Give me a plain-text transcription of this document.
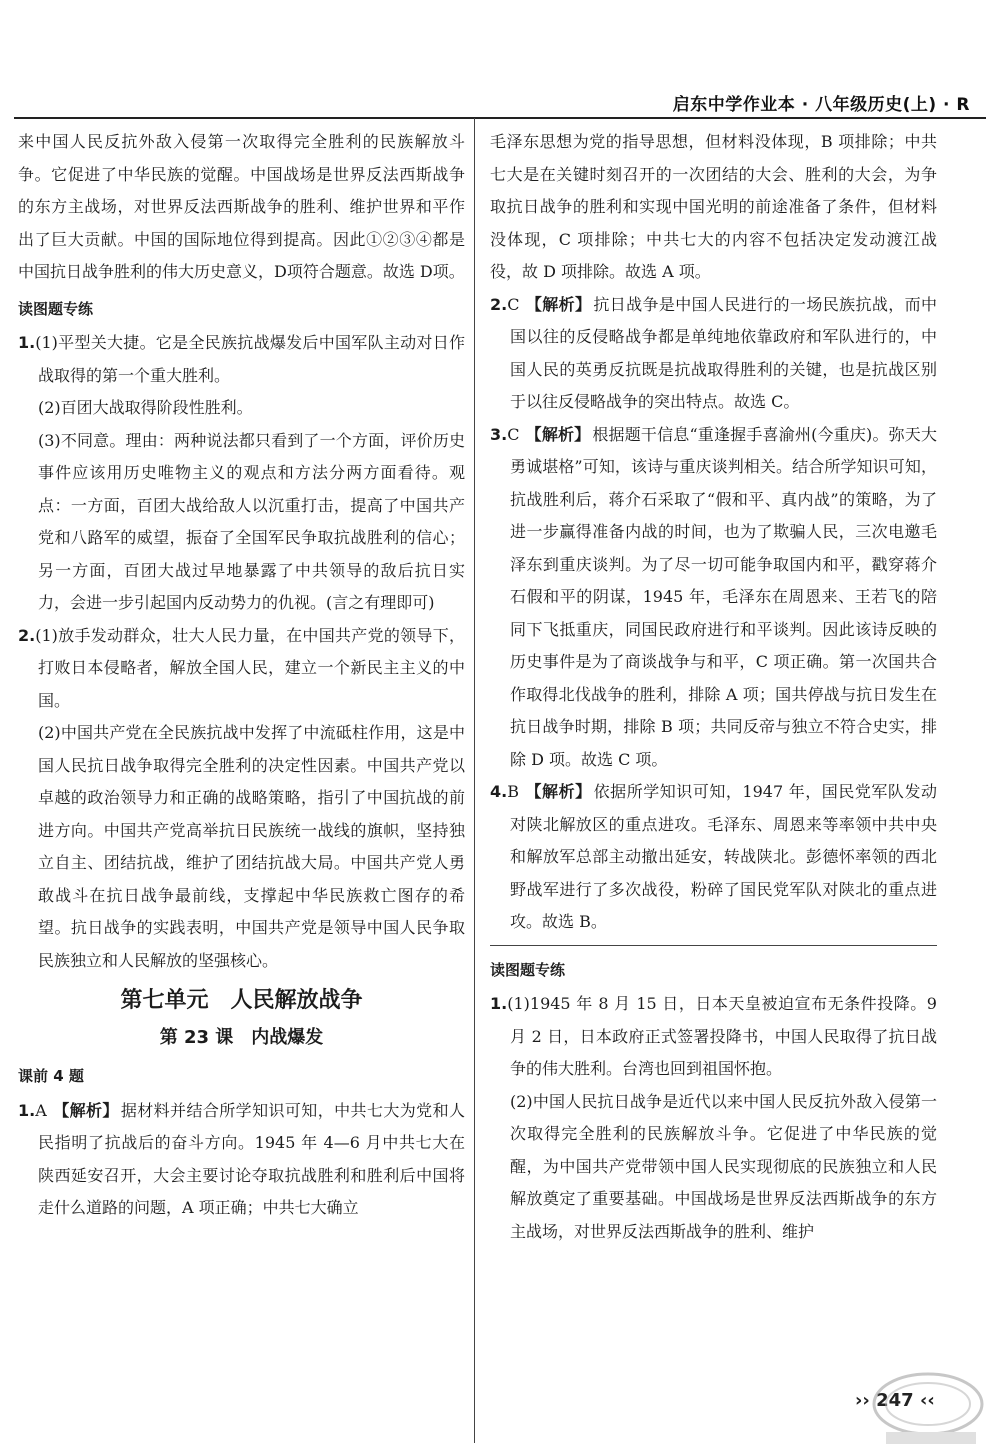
启东中学作业本 · 八年级历史(上) · R

来中国人民反抗外敌入侵第一次取得完全胜利的民族解放斗争。它促进了中华民族的觉醒。中国战场是世界反法西斯战争的东方主战场，对世界反法西斯战争的胜利、维护世界和平作出了巨大贡献。中国的国际地位得到提高。因此①②③④都是中国抗日战争胜利的伟大历史意义，D项符合题意。故选 D项。

读图题专练

1.(1)平型关大捷。它是全民族抗战爆发后中国军队主动对日作战取得的第一个重大胜利。

(2)百团大战取得阶段性胜利。

(3)不同意。理由：两种说法都只看到了一个方面，评价历史事件应该用历史唯物主义的观点和方法分两方面看待。观点：一方面，百团大战给敌人以沉重打击，提高了中国共产党和八路军的威望，振奋了全国军民争取抗战胜利的信心；另一方面，百团大战过早地暴露了中共领导的敌后抗日实力，会进一步引起国内反动势力的仇视。(言之有理即可)

2.(1)放手发动群众，壮大人民力量，在中国共产党的领导下，打败日本侵略者，解放全国人民，建立一个新民主主义的中国。

(2)中国共产党在全民族抗战中发挥了中流砥柱作用，这是中国人民抗日战争取得完全胜利的决定性因素。中国共产党以卓越的政治领导力和正确的战略策略，指引了中国抗战的前进方向。中国共产党高举抗日民族统一战线的旗帜，坚持独立自主、团结抗战，维护了团结抗战大局。中国共产党人勇敢战斗在抗日战争最前线，支撑起中华民族救亡图存的希望。抗日战争的实践表明，中国共产党是领导中国人民争取民族独立和人民解放的坚强核心。

第七单元　人民解放战争
第 23 课　内战爆发
课前 4 题

1.A 【解析】 据材料并结合所学知识可知，中共七大为党和人民指明了抗战后的奋斗方向。1945 年 4—6 月中共七大在陕西延安召开，大会主要讨论夺取抗战胜利和胜利后中国将走什么道路的问题，A 项正确；中共七大确立

毛泽东思想为党的指导思想，但材料没体现，B 项排除；中共七大是在关键时刻召开的一次团结的大会、胜利的大会，为争取抗日战争的胜利和实现中国光明的前途准备了条件，但材料没体现，C 项排除；中共七大的内容不包括决定发动渡江战役，故 D 项排除。故选 A 项。

2.C 【解析】 抗日战争是中国人民进行的一场民族抗战，而中国以往的反侵略战争都是单纯地依靠政府和军队进行的，中国人民的英勇反抗既是抗战取得胜利的关键，也是抗战区别于以往反侵略战争的突出特点。故选 C。

3.C 【解析】 根据题干信息“重逢握手喜渝州(今重庆)。弥天大勇诚堪格”可知，该诗与重庆谈判相关。结合所学知识可知，抗战胜利后，蒋介石采取了“假和平、真内战”的策略，为了进一步赢得准备内战的时间，也为了欺骗人民，三次电邀毛泽东到重庆谈判。为了尽一切可能争取国内和平，戳穿蒋介石假和平的阴谋，1945 年，毛泽东在周恩来、王若飞的陪同下飞抵重庆，同国民政府进行和平谈判。因此该诗反映的历史事件是为了商谈战争与和平，C 项正确。第一次国共合作取得北伐战争的胜利，排除 A 项；国共停战与抗日发生在抗日战争时期，排除 B 项；共同反帝与独立不符合史实，排除 D 项。故选 C 项。

4.B 【解析】 依据所学知识可知，1947 年，国民党军队发动对陕北解放区的重点进攻。毛泽东、周恩来等率领中共中央和解放军总部主动撤出延安，转战陕北。彭德怀率领的西北野战军进行了多次战役，粉碎了国民党军队对陕北的重点进攻。故选 B。

读图题专练

1.(1)1945 年 8 月 15 日，日本天皇被迫宣布无条件投降。9 月 2 日，日本政府正式签署投降书，中国人民取得了抗日战争的伟大胜利。台湾也回到祖国怀抱。

(2)中国人民抗日战争是近代以来中国人民反抗外敌入侵第一次取得完全胜利的民族解放斗争。它促进了中华民族的觉醒，为中国共产党带领中国人民实现彻底的民族独立和人民解放奠定了重要基础。中国战场是世界反法西斯战争的东方主战场，对世界反法西斯战争的胜利、维护

›› 247 ‹‹
